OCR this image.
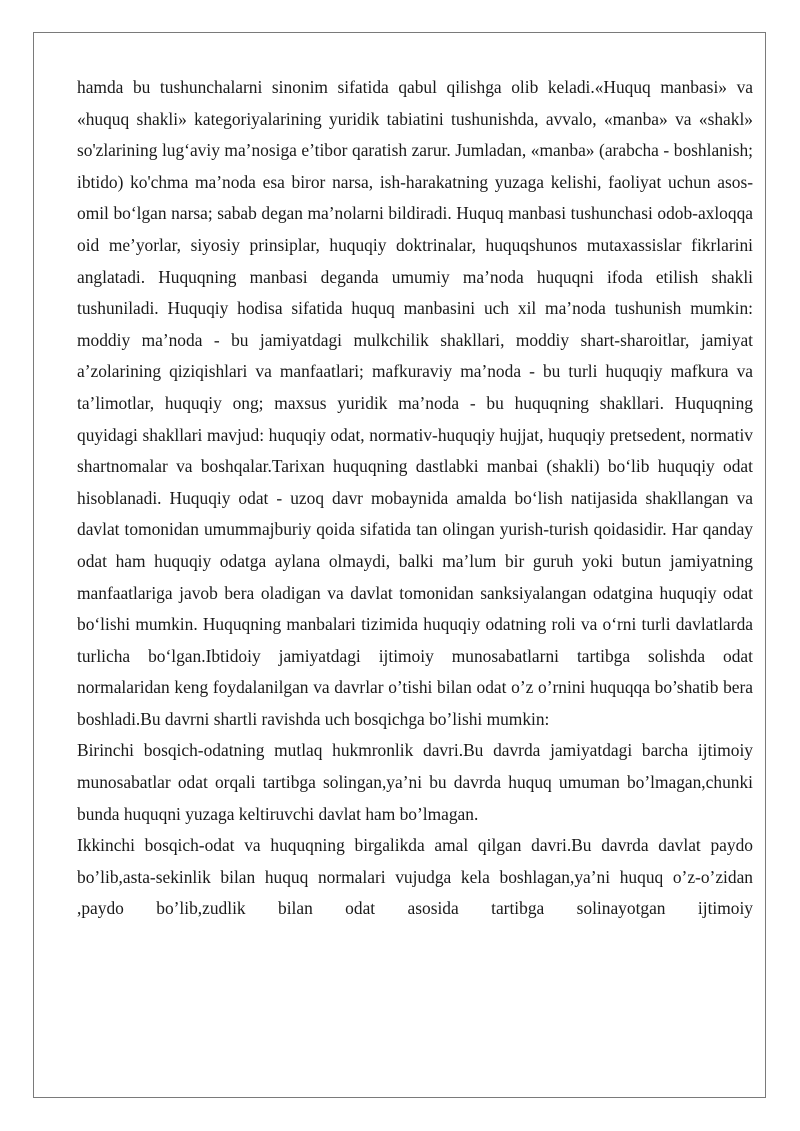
hamda bu tushunchalarni sinonim sifatida qabul qilishga olib keladi.«Huquq manbasi» va «huquq shakli» kategoriyalarining yuridik tabiatini tushunishda, avvalo, «manba» va «shakl» so'zlarining lug‘aviy ma’nosiga e’tibor qaratish zarur. Jumladan, «manba» (arabcha - boshlanish; ibtido) ko'chma ma’noda esa biror narsa, ish-harakatning yuzaga kelishi, faoliyat uchun asos-omil bo‘lgan narsa; sabab degan ma’nolarni bildiradi. Huquq manbasi tushunchasi odob-axloqqa oid me’yorlar, siyosiy prinsiplar, huquqiy doktrinalar, huquqshunos mutaxassislar fikrlarini anglatadi. Huquqning manbasi deganda umumiy ma’noda huquqni ifoda etilish shakli tushuniladi. Huquqiy hodisa sifatida huquq manbasini uch xil ma’noda tushunish mumkin: moddiy ma’noda - bu jamiyatdagi mulkchilik shakllari, moddiy shart-sharoitlar, jamiyat a’zolarining qiziqishlari va manfaatlari; mafkuraviy ma’noda - bu turli huquqiy mafkura va ta’limotlar, huquqiy ong; maxsus yuridik ma’noda - bu huquqning shakllari. Huquqning quyidagi shakllari mavjud: huquqiy odat, normativ-huquqiy hujjat, huquqiy pretsedent, normativ shartnomalar va boshqalar.Tarixan huquqning dastlabki manbai (shakli) bo‘lib huquqiy odat hisoblanadi. Huquqiy odat - uzoq davr mobaynida amalda bo‘lish natijasida shakllangan va davlat tomonidan umummajburiy qoida sifatida tan olingan yurish-turish qoidasidir. Har qanday odat ham huquqiy odatga aylana olmaydi, balki ma’lum bir guruh yoki butun jamiyatning manfaatlariga javob bera oladigan va davlat tomonidan sanksiyalangan odatgina huquqiy odat bo‘lishi mumkin. Huquqning manbalari tizimida huquqiy odatning roli va o‘rni turli davlatlarda turlicha bo‘lgan.Ibtidoiy jamiyatdagi ijtimoiy munosabatlarni tartibga solishda odat normalaridan keng foydalanilgan va davrlar o’tishi bilan odat o’z o’rnini huquqqa bo’shatib bera boshladi.Bu davrni shartli ravishda uch bosqichga bo’lishi mumkin:

Birinchi bosqich-odatning mutlaq hukmronlik davri.Bu davrda jamiyatdagi barcha ijtimoiy munosabatlar odat orqali tartibga solingan,ya’ni bu davrda huquq umuman bo’lmagan,chunki bunda huquqni yuzaga keltiruvchi davlat ham bo’lmagan.

Ikkinchi bosqich-odat va huquqning birgalikda amal qilgan davri.Bu davrda davlat paydo bo’lib,asta-sekinlik bilan huquq normalari vujudga kela boshlagan,ya’ni huquq o’z-o’zidan ,paydo bo’lib,zudlik bilan odat asosida tartibga solinayotgan ijtimoiy
